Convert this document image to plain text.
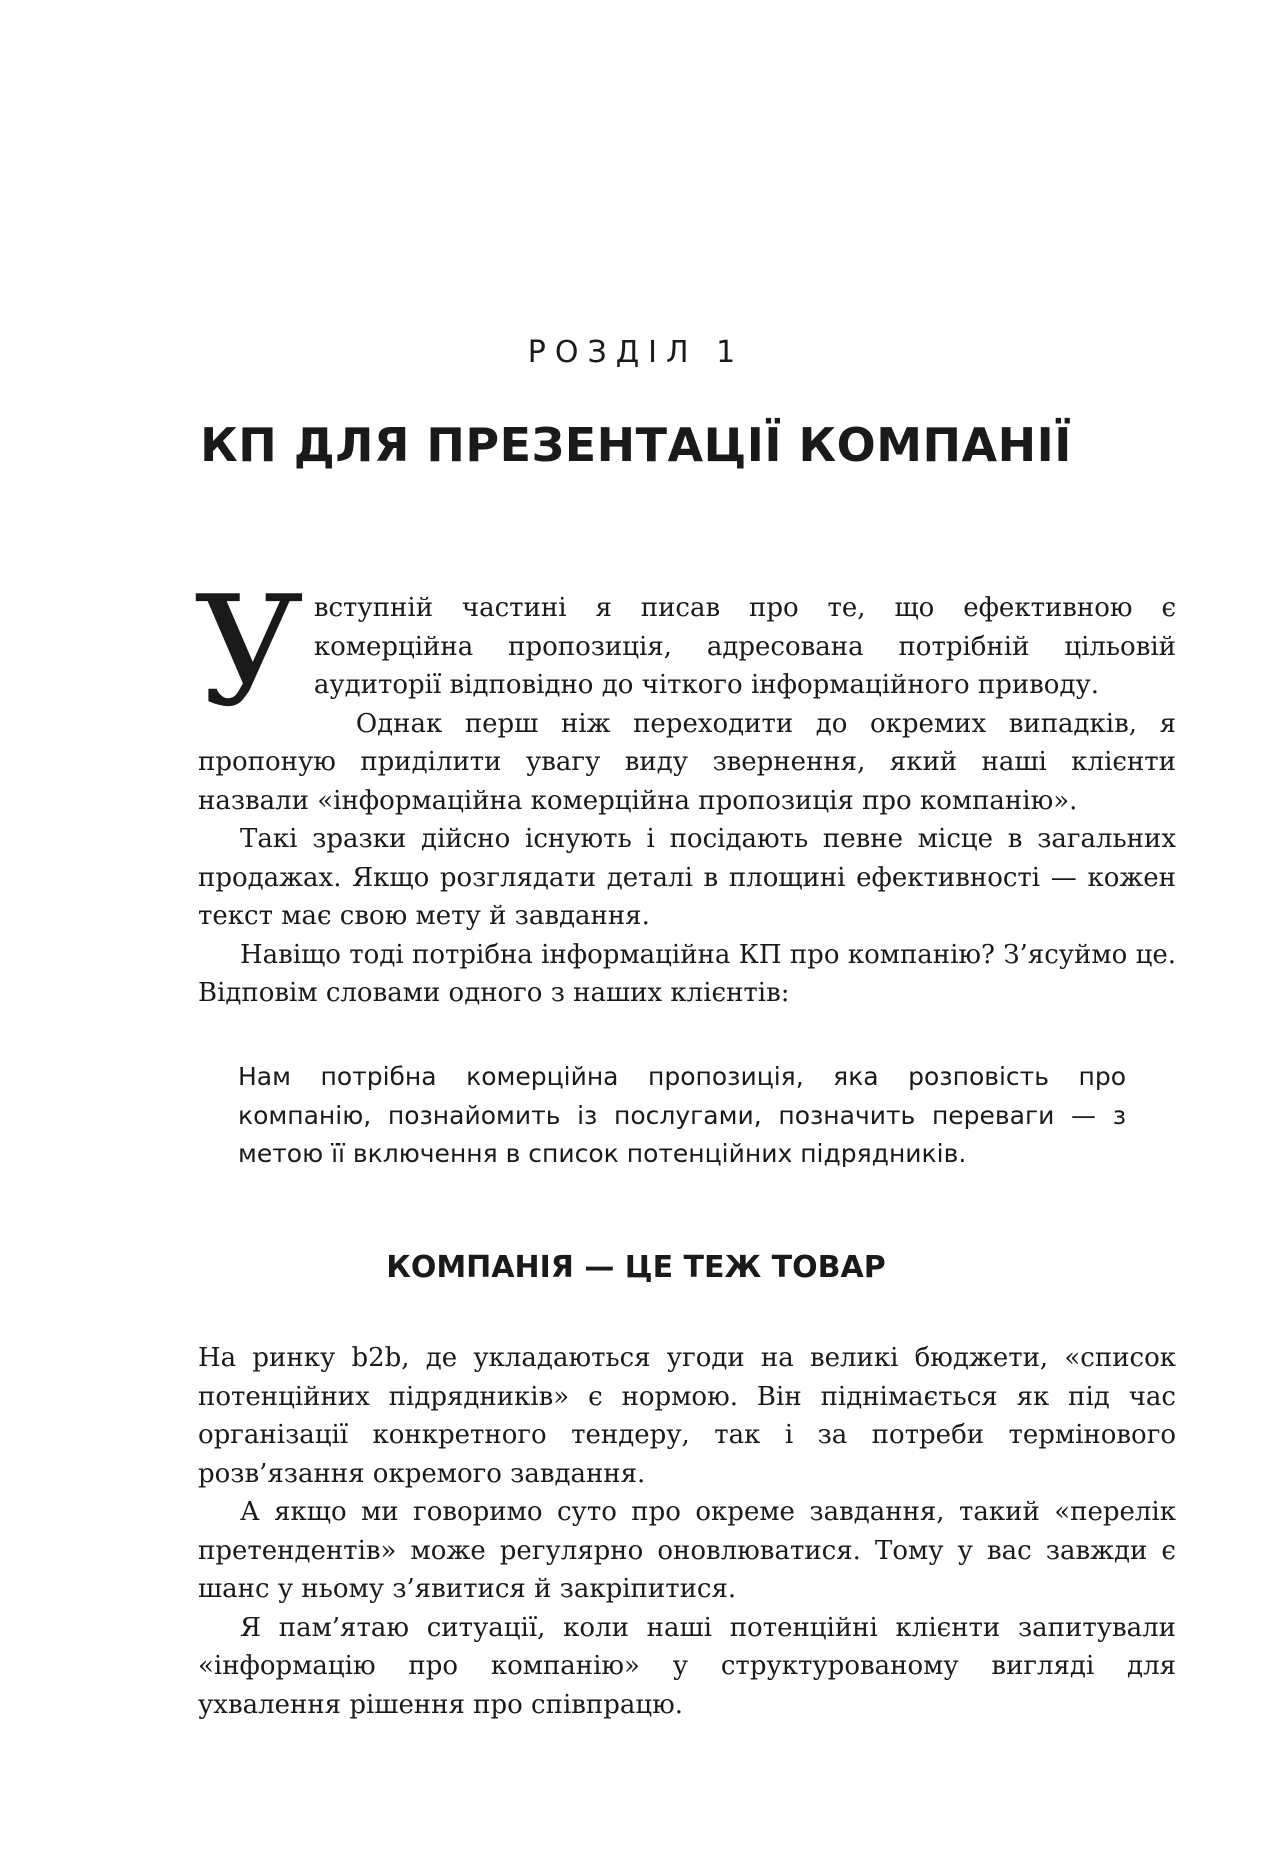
РОЗДІЛ 1
КП ДЛЯ ПРЕЗЕНТАЦІЇ КОМПАНІЇ

У вступній частині я писав про те, що ефективною є комерційна пропозиція, адресована потрібній цільовій аудиторії відповідно до чіткого інформаційного приводу.

Однак перш ніж переходити до окремих випадків, я пропоную приділити увагу виду звернення, який наші клієнти назвали «інформаційна комерційна пропозиція про компанію».

Такі зразки дійсно існують і посідають певне місце в загальних продажах. Якщо розглядати деталі в площині ефективності — кожен текст має свою мету й завдання.

Навіщо тоді потрібна інформаційна КП про компанію? З’ясуймо це. Відповім словами одного з наших клієнтів:

Нам потрібна комерційна пропозиція, яка розповість про компанію, познайомить із послугами, позначить переваги — з метою її включення в список потенційних підрядників.
КОМПАНІЯ — ЦЕ ТЕЖ ТОВАР

На ринку b2b, де укладаються угоди на великі бюджети, «список потенційних підрядників» є нормою. Він піднімається як під час організації конкретного тендеру, так і за потреби термінового розв’язання окремого завдання.

А якщо ми говоримо суто про окреме завдання, такий «перелік претендентів» може регулярно оновлюватися. Тому у вас завжди є шанс у ньому з’явитися й закріпитися.

Я пам’ятаю ситуації, коли наші потенційні клієнти запитували «інформацію про компанію» у структурованому вигляді для ухвалення рішення про співпрацю.
